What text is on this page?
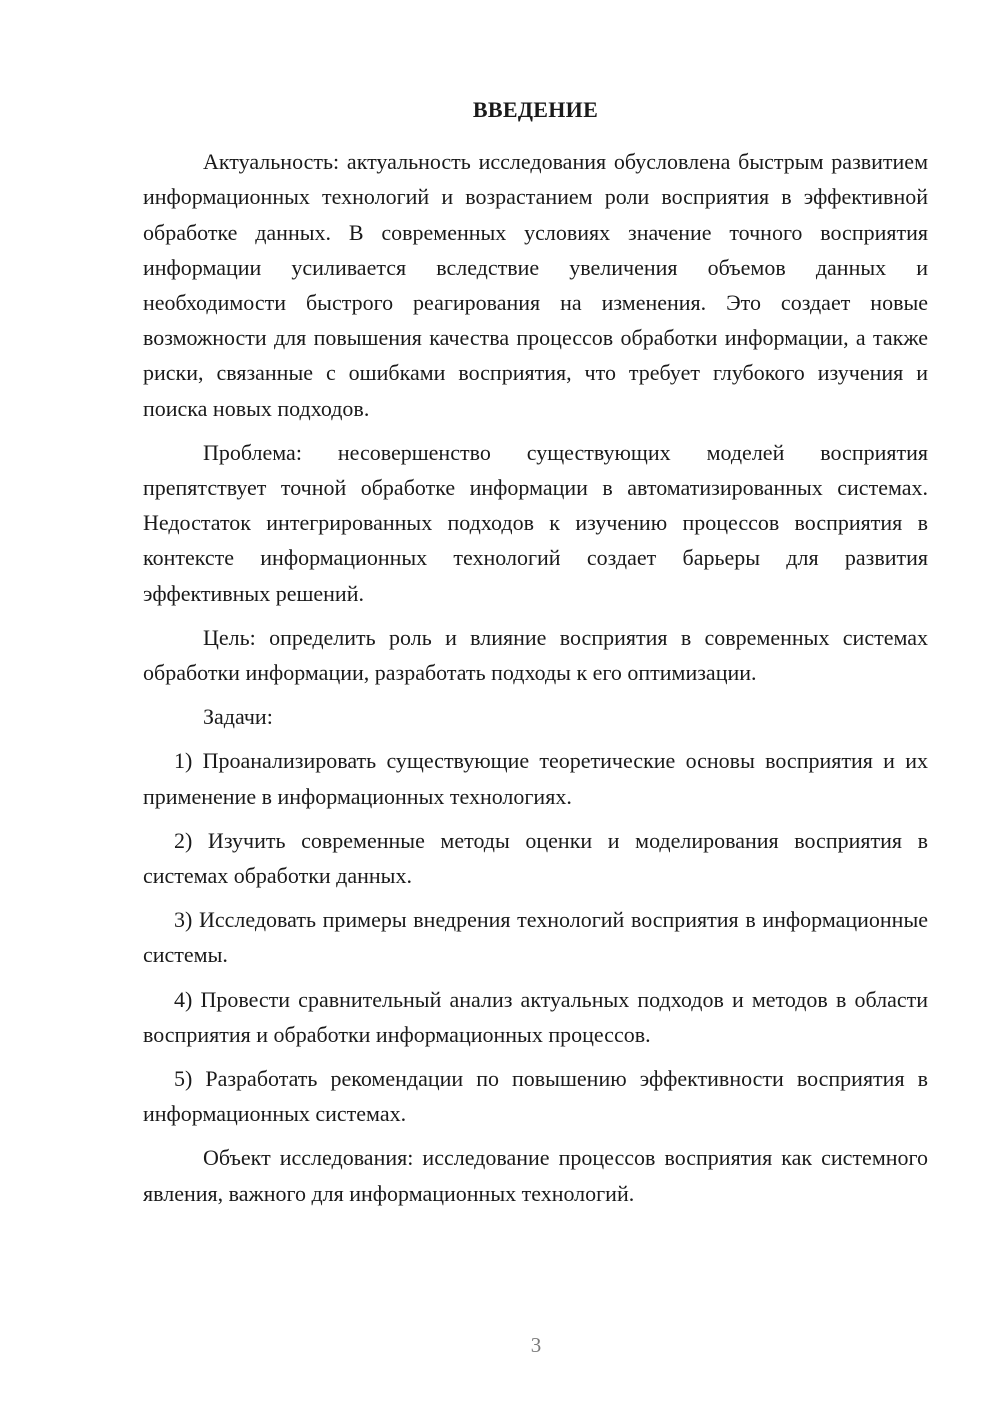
ВВЕДЕНИЕ

Актуальность: актуальность исследования обусловлена быстрым развитием информационных технологий и возрастанием роли восприятия в эффективной обработке данных. В современных условиях значение точного восприятия информации усиливается вследствие увеличения объемов данных и необходимости быстрого реагирования на изменения. Это создает новые возможности для повышения качества процессов обработки информации, а также риски, связанные с ошибками восприятия, что требует глубокого изучения и поиска новых подходов.

Проблема: несовершенство существующих моделей восприятия препятствует точной обработке информации в автоматизированных системах. Недостаток интегрированных подходов к изучению процессов восприятия в контексте информационных технологий создает барьеры для развития эффективных решений.

Цель: определить роль и влияние восприятия в современных системах обработки информации, разработать подходы к его оптимизации.

Задачи:

1) Проанализировать существующие теоретические основы восприятия и их применение в информационных технологиях.

2) Изучить современные методы оценки и моделирования восприятия в системах обработки данных.

3) Исследовать примеры внедрения технологий восприятия в информационные системы.

4) Провести сравнительный анализ актуальных подходов и методов в области восприятия и обработки информационных процессов.

5) Разработать рекомендации по повышению эффективности восприятия в информационных системах.

Объект исследования: исследование процессов восприятия как системного явления, важного для информационных технологий.

3
